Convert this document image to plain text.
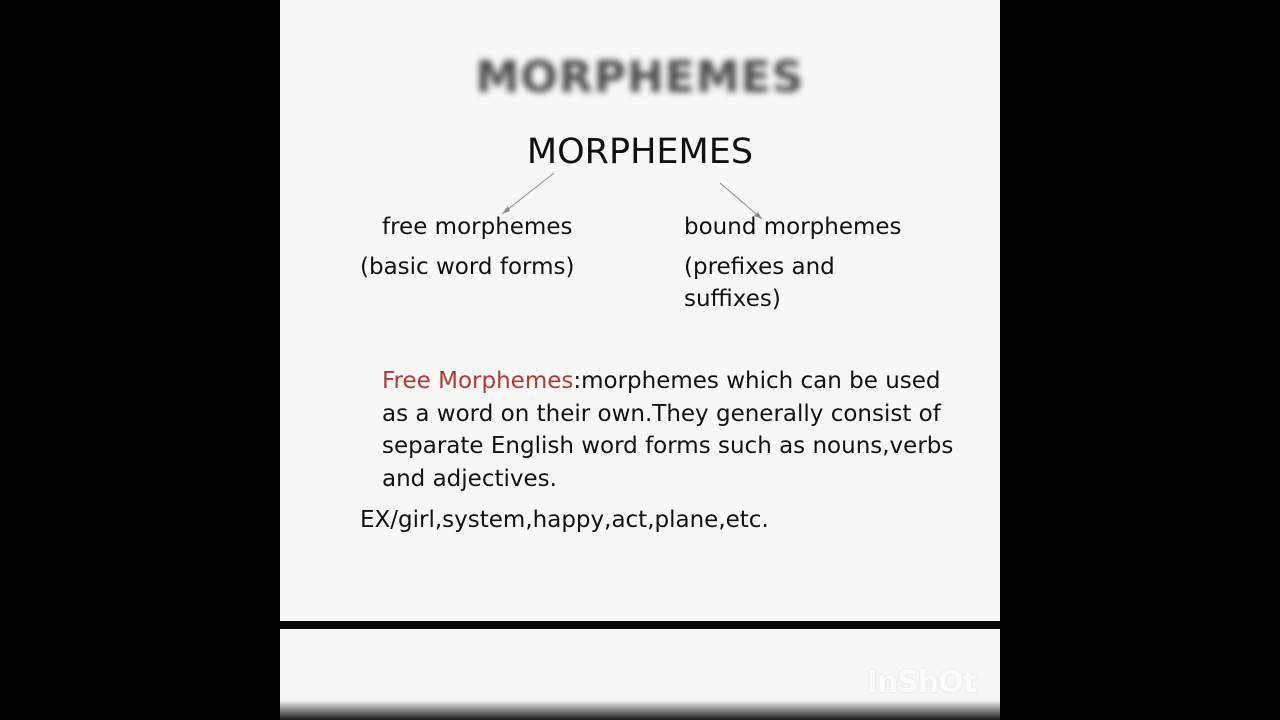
MORPHEMES
MORPHEMES
free morphemes
(basic word forms)
bound morphemes
(prefixes and
suffixes)
Free Morphemes:morphemes which can be used as a word on their own.They generally consist of separate English word forms such as nouns,verbs and adjectives.
EX/girl,system,happy,act,plane,etc.
InShOt
